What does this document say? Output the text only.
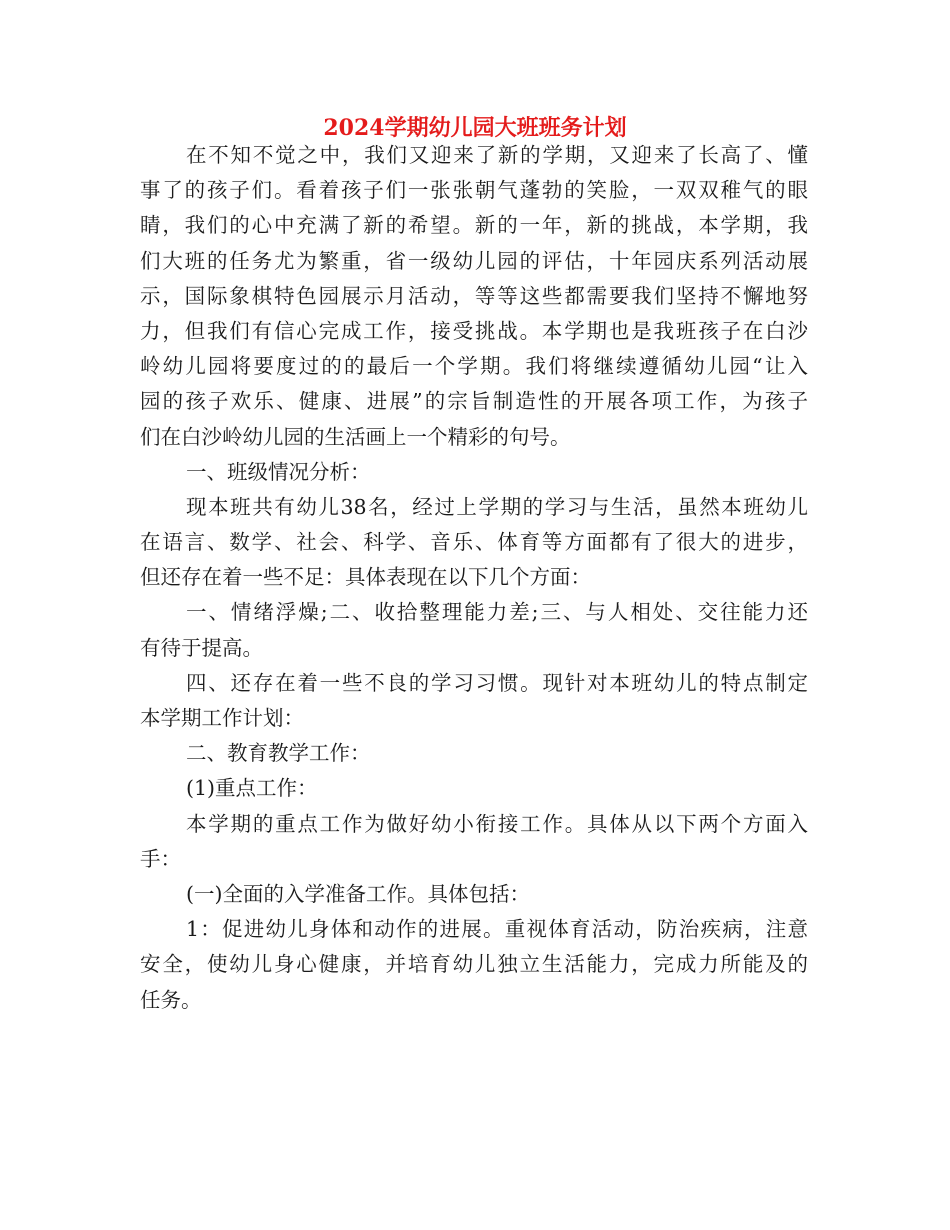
2024学期幼儿园大班班务计划
在不知不觉之中，我们又迎来了新的学期，又迎来了长高了、懂
事了的孩子们。看着孩子们一张张朝气蓬勃的笑脸，一双双稚气的眼
睛，我们的心中充满了新的希望。新的一年，新的挑战，本学期，我
们大班的任务尤为繁重，省一级幼儿园的评估，十年园庆系列活动展
示，国际象棋特色园展示月活动，等等这些都需要我们坚持不懈地努
力，但我们有信心完成工作，接受挑战。本学期也是我班孩子在白沙
岭幼儿园将要度过的的最后一个学期。我们将继续遵循幼儿园“让入
园的孩子欢乐、健康、进展”的宗旨制造性的开展各项工作，为孩子
们在白沙岭幼儿园的生活画上一个精彩的句号。
一、班级情况分析：
现本班共有幼儿38名，经过上学期的学习与生活，虽然本班幼儿
在语言、数学、社会、科学、音乐、体育等方面都有了很大的进步，
但还存在着一些不足：具体表现在以下几个方面：
一、情绪浮燥;二、收拾整理能力差;三、与人相处、交往能力还
有待于提高。
四、还存在着一些不良的学习习惯。现针对本班幼儿的特点制定
本学期工作计划：
二、教育教学工作：
(1)重点工作：
本学期的重点工作为做好幼小衔接工作。具体从以下两个方面入
手：
(一)全面的入学准备工作。具体包括：
1：促进幼儿身体和动作的进展。重视体育活动，防治疾病，注意
安全，使幼儿身心健康，并培育幼儿独立生活能力，完成力所能及的
任务。
